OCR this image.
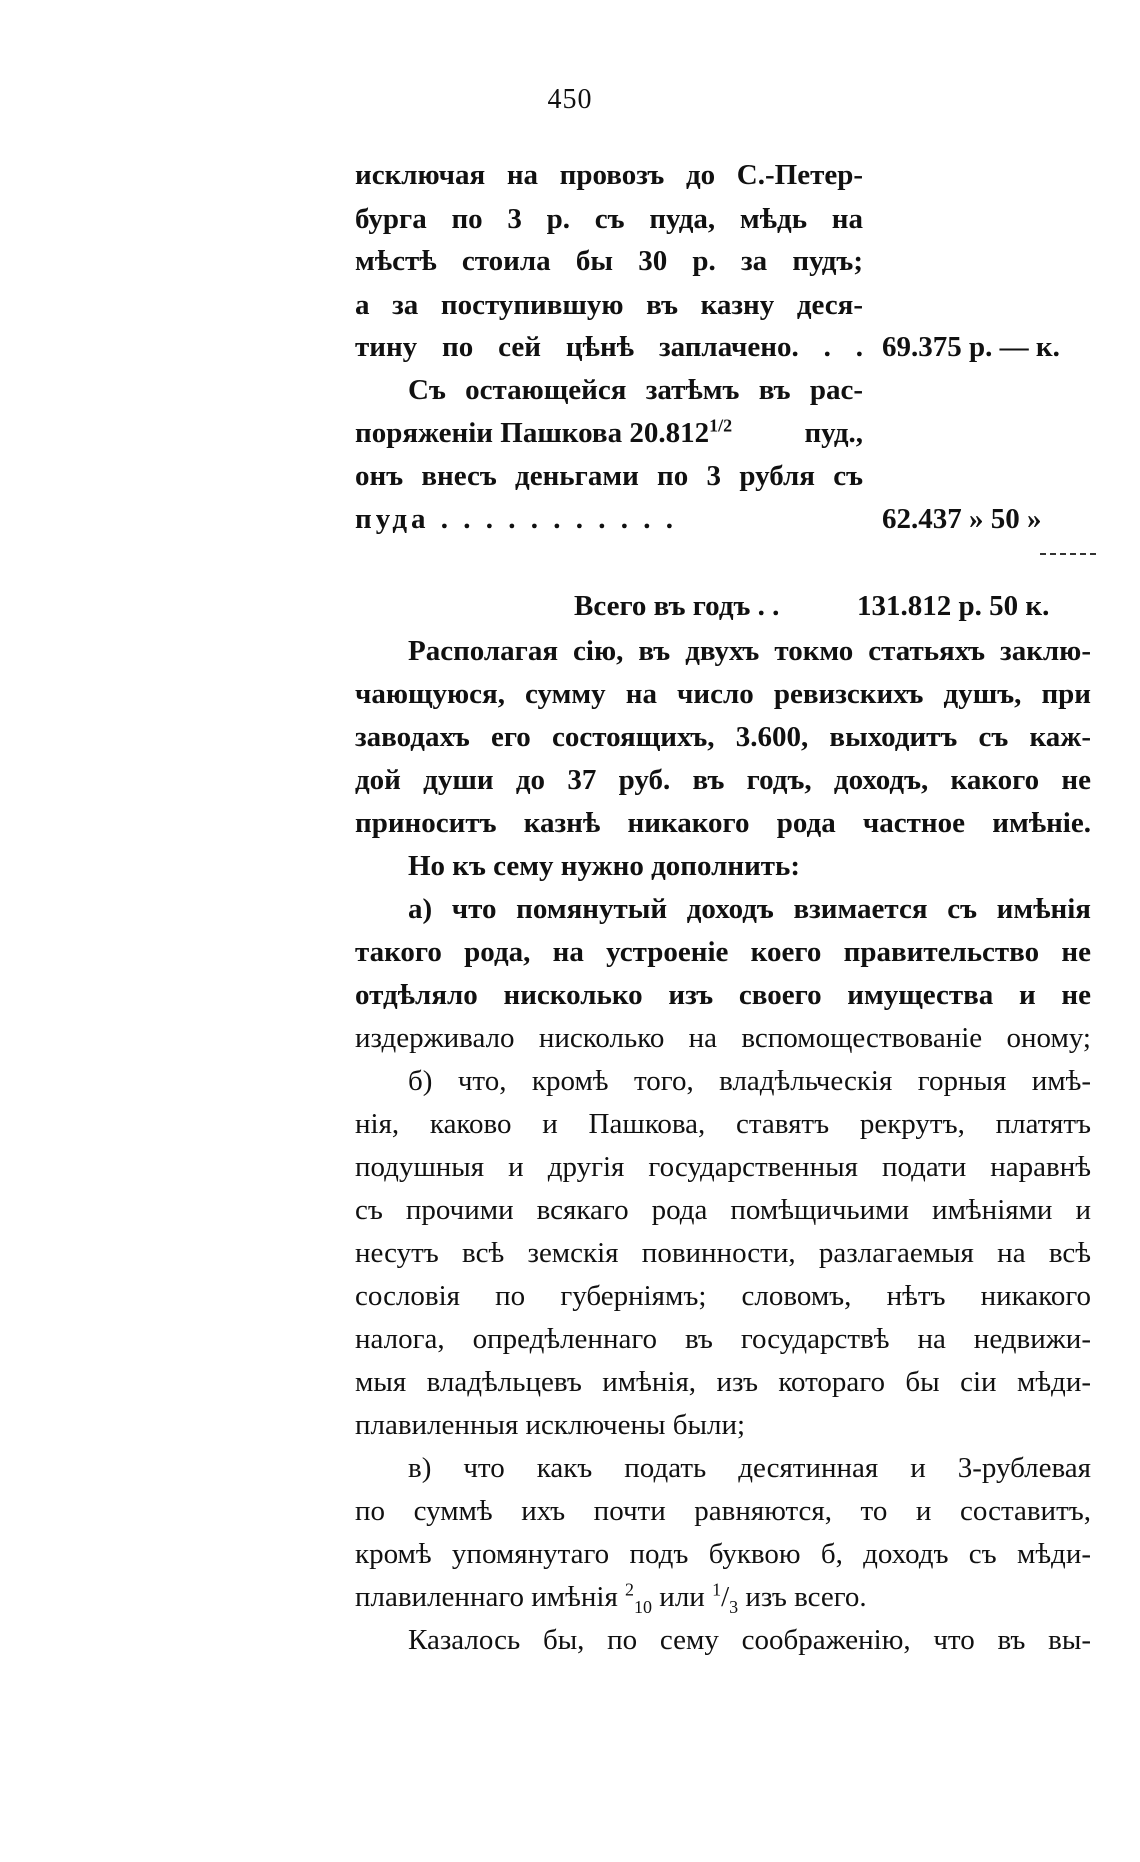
450
исключая на провозъ до С.-Петер-
бурга по 3 р. съ пуда, мѣдь на
мѣстѣ стоила бы 30 р. за пудъ;
а за поступившую въ казну деся-
тину по сей цѣнѣ заплачено. . . 69.375 р. — к.
Съ остающейся затѣмъ въ рас-
поряженіи Пашкова $20.812^{1/2}$ пуд.,
онъ внесъ деньгами по 3 рубля съ
пуда . . . . . . . . . . .	62.437 » 50 »
Всего въ годъ . .	131.812 р. 50 к.
Располагая сію, въ двухъ токмо статьяхъ заклю-
чающуюся, сумму на число ревизскихъ душъ, при
заводахъ его состоящихъ, 3.600, выходитъ съ каж-
дой души до 37 руб. въ годъ, доходъ, какого не
приноситъ казнѣ никакого рода частное имѣніе.
Но къ сему нужно дополнить:
а) что помянутый доходъ взимается съ имѣнія
такого рода, на устроеніе коего правительство не
отдѣляло нисколько изъ своего имущества и не
издерживало нисколько на вспомоществованіе оному;
б) что, кромѣ того, владѣльческія горныя имѣ-
нія, каково и Пашкова, ставятъ рекрутъ, платятъ
подушныя и другія государственныя подати наравнѣ
съ прочими всякаго рода помѣщичьими имѣніями и
несутъ всѣ земскія повинности, разлагаемыя на всѣ
сословія по губерніямъ; словомъ, нѣтъ никакого
налога, опредѣленнаго въ государствѣ на недвижи-
мыя владѣльцевъ имѣнія, изъ котораго бы сіи мѣди-
плавиленныя исключены были;
в) что какъ подать десятинная и 3-рублевая
по суммѣ ихъ почти равняются, то и составитъ,
кромѣ упомянутаго подъ буквою б, доходъ съ мѣди-
плавиленнаго имѣнія $^2_{10}$ или $^1/_3$ изъ всего.
Казалось бы, по сему соображенію, что въ вы-
